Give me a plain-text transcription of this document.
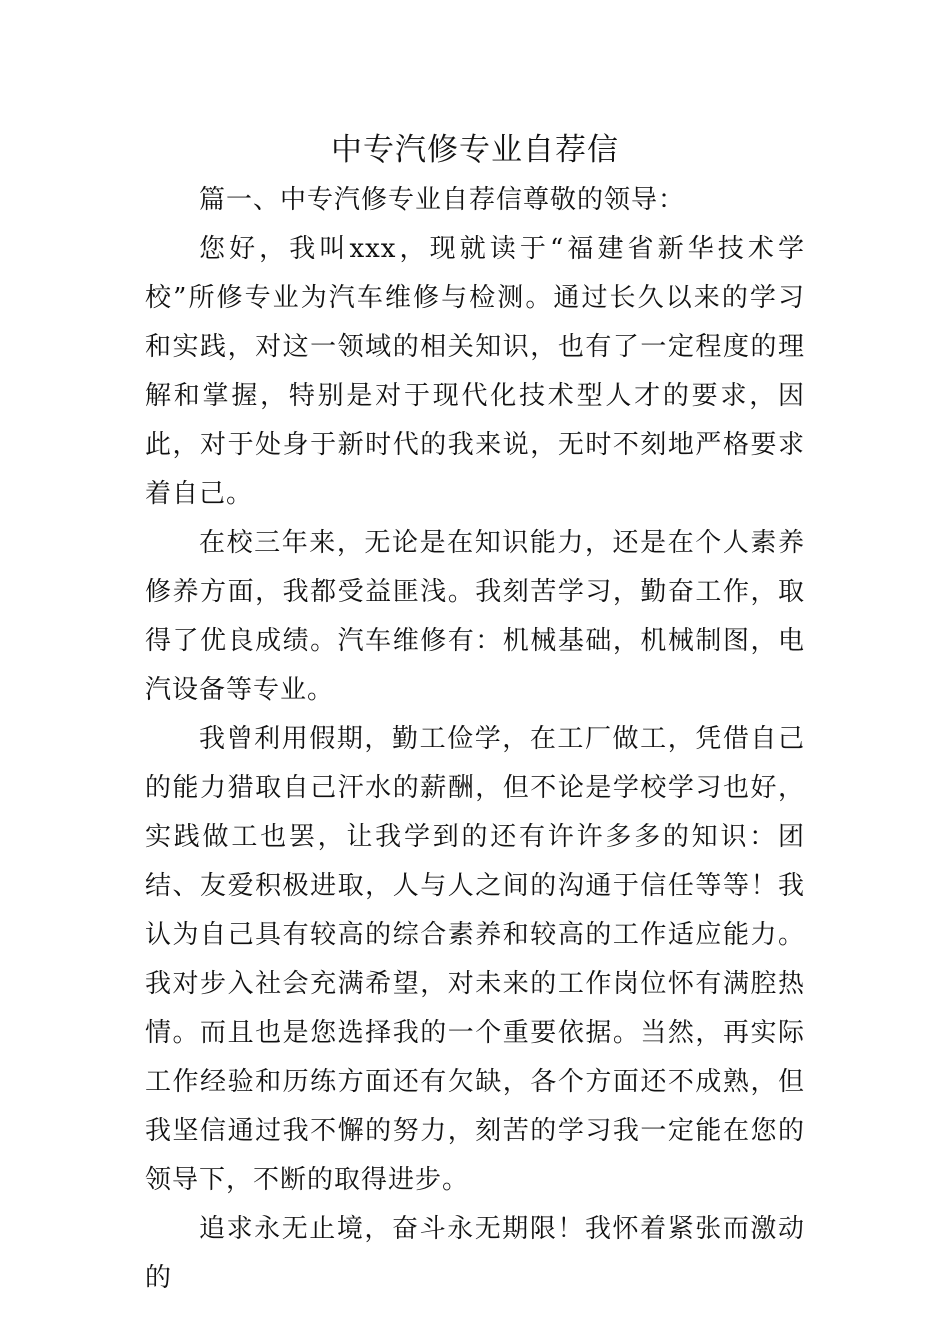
中专汽修专业自荐信

篇一、中专汽修专业自荐信尊敬的领导：

您好，我叫xxx，现就读于“福建省新华技术学校”所修专业为汽车维修与检测。通过长久以来的学习和实践，对这一领域的相关知识，也有了一定程度的理解和掌握，特别是对于现代化技术型人才的要求，因此，对于处身于新时代的我来说，无时不刻地严格要求着自己。

在校三年来，无论是在知识能力，还是在个人素养修养方面，我都受益匪浅。我刻苦学习，勤奋工作，取得了优良成绩。汽车维修有：机械基础，机械制图，电汽设备等专业。

我曾利用假期，勤工俭学，在工厂做工，凭借自己的能力猎取自己汗水的薪酬，但不论是学校学习也好，实践做工也罢，让我学到的还有许许多多的知识：团结、友爱积极进取，人与人之间的沟通于信任等等！我认为自己具有较高的综合素养和较高的工作适应能力。我对步入社会充满希望，对未来的工作岗位怀有满腔热情。而且也是您选择我的一个重要依据。当然，再实际工作经验和历练方面还有欠缺，各个方面还不成熟，但我坚信通过我不懈的努力，刻苦的学习我一定能在您的领导下，不断的取得进步。

追求永无止境，奋斗永无期限！我怀着紧张而激动的
